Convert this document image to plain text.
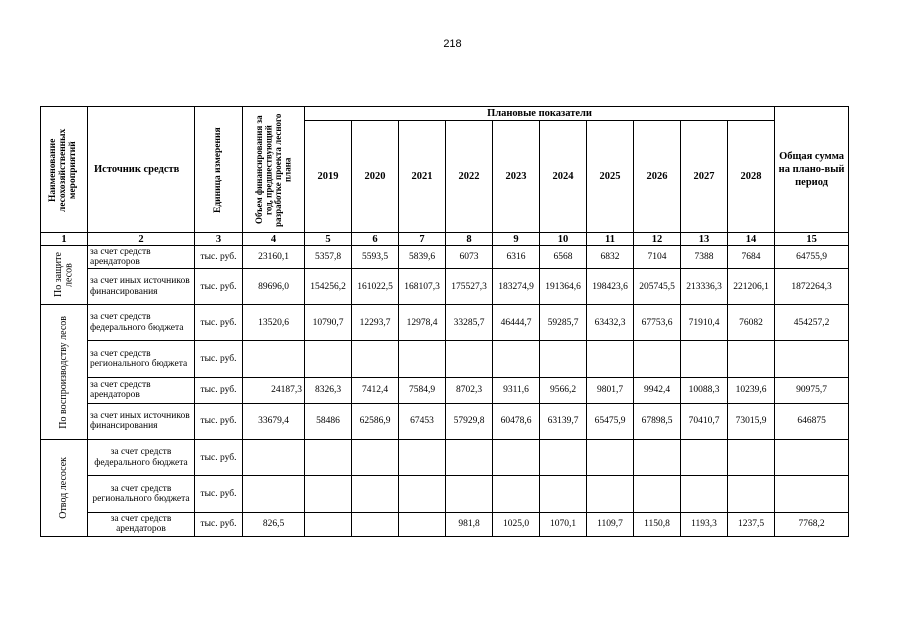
218
Наименование лесохозяйственных мероприятий	Источник средств	Единица измерения	Объем финансирования за год, предшествующий разработке проекта лесного плана	Плановые показатели										Общая сумма на плано-вый период
				2019	2020	2021	2022	2023	2024	2025	2026	2027	2028	
1	2	3	4	5	6	7	8	9	10	11	12	13	14	15

По защите лесов	за счет средств арендаторов	тыс. руб.	23160,1	5357,8	5593,5	5839,6	6073	6316	6568	6832	7104	7388	7684	64755,9
	за счет иных источников финансирования	тыс. руб.	89696,0	154256,2	161022,5	168107,3	175527,3	183274,9	191364,6	198423,6	205745,5	213336,3	221206,1	1872264,3

По воспроизводству лесов	за счет средств федерального бюджета	тыс. руб.	13520,6	10790,7	12293,7	12978,4	33285,7	46444,7	59285,7	63432,3	67753,6	71910,4	76082	454257,2
	за счет средств регионального бюджета	тыс. руб.												
	за счет средств арендаторов	тыс. руб.	24187,3	8326,3	7412,4	7584,9	8702,3	9311,6	9566,2	9801,7	9942,4	10088,3	10239,6	90975,7
	за счет иных источников финансирования	тыс. руб.	33679,4	58486	62586,9	67453	57929,8	60478,6	63139,7	65475,9	67898,5	70410,7	73015,9	646875

Отвод лесосек	за счет средств федерального бюджета	тыс. руб.												
	за счет средств регионального бюджета	тыс. руб.												
	за счет средств арендаторов	тыс. руб.	826,5				981,8	1025,0	1070,1	1109,7	1150,8	1193,3	1237,5	7768,2
